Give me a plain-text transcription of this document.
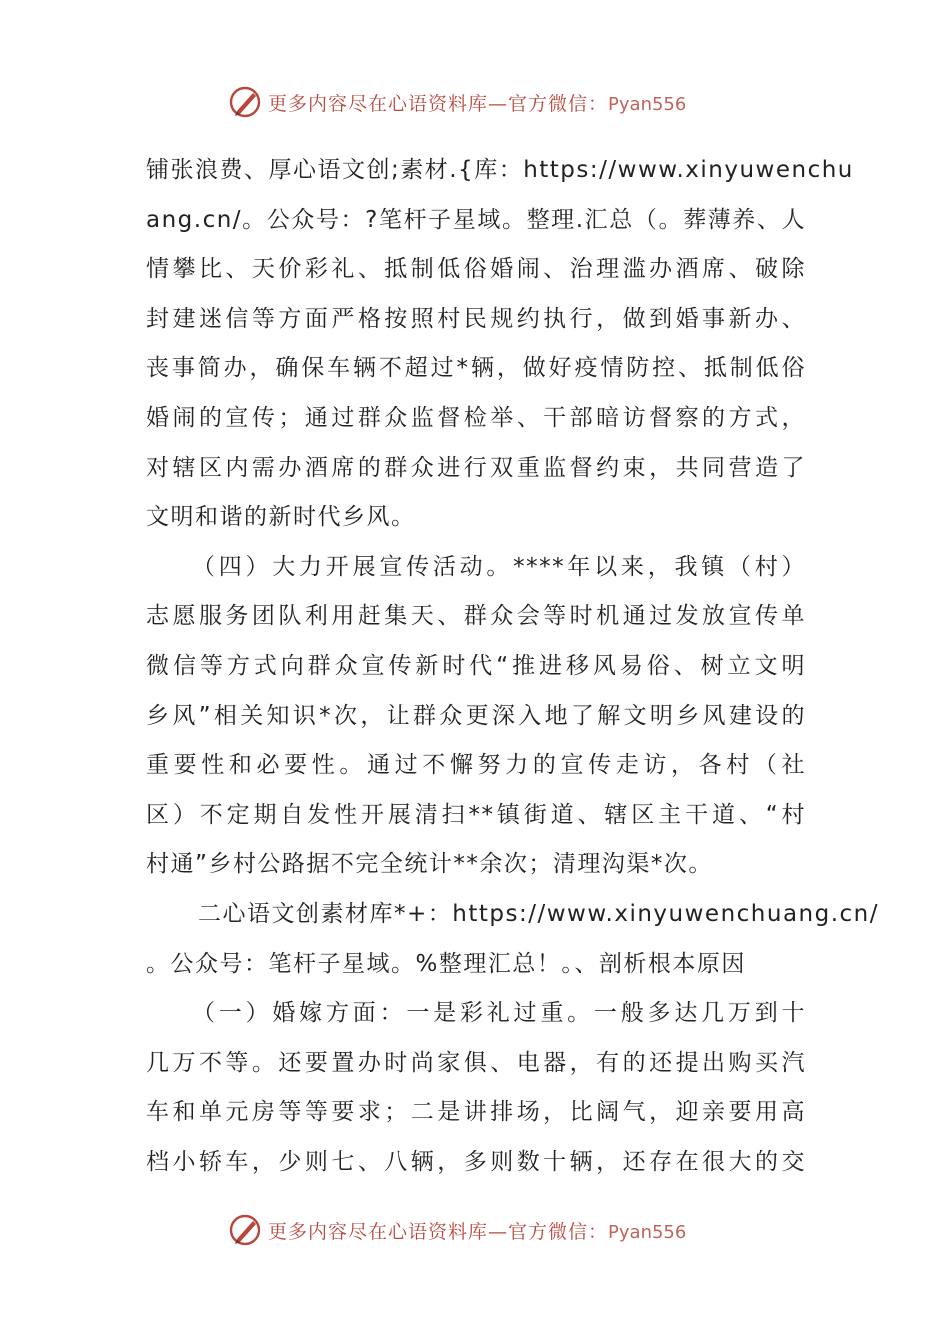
更多内容尽在心语资料库—官方微信：Pyan556
铺张浪费、厚心语文创;素材.{库：https://www.xinyuwenchu
ang.cn/。公众号：?笔杆子星域。整理.汇总（。葬薄养、人
情攀比、天价彩礼、抵制低俗婚闹、治理滥办酒席、破除
封建迷信等方面严格按照村民规约执行，做到婚事新办、
丧事简办，确保车辆不超过*辆，做好疫情防控、抵制低俗
婚闹的宣传；通过群众监督检举、干部暗访督察的方式，
对辖区内需办酒席的群众进行双重监督约束，共同营造了
文明和谐的新时代乡风。
（四）大力开展宣传活动。****年以来，我镇（村）
志愿服务团队利用赶集天、群众会等时机通过发放宣传单
微信等方式向群众宣传新时代“推进移风易俗、树立文明
乡风”相关知识*次，让群众更深入地了解文明乡风建设的
重要性和必要性。通过不懈努力的宣传走访，各村（社
区）不定期自发性开展清扫**镇街道、辖区主干道、“村
村通”乡村公路据不完全统计**余次；清理沟渠*次。
二心语文创素材库*+：https://www.xinyuwenchuang.cn/
。公众号：笔杆子星域。%整理汇总！。、剖析根本原因
（一）婚嫁方面：一是彩礼过重。一般多达几万到十
几万不等。还要置办时尚家俱、电器，有的还提出购买汽
车和单元房等等要求；二是讲排场，比阔气，迎亲要用高
档小轿车，少则七、八辆，多则数十辆，还存在很大的交
更多内容尽在心语资料库—官方微信：Pyan556
